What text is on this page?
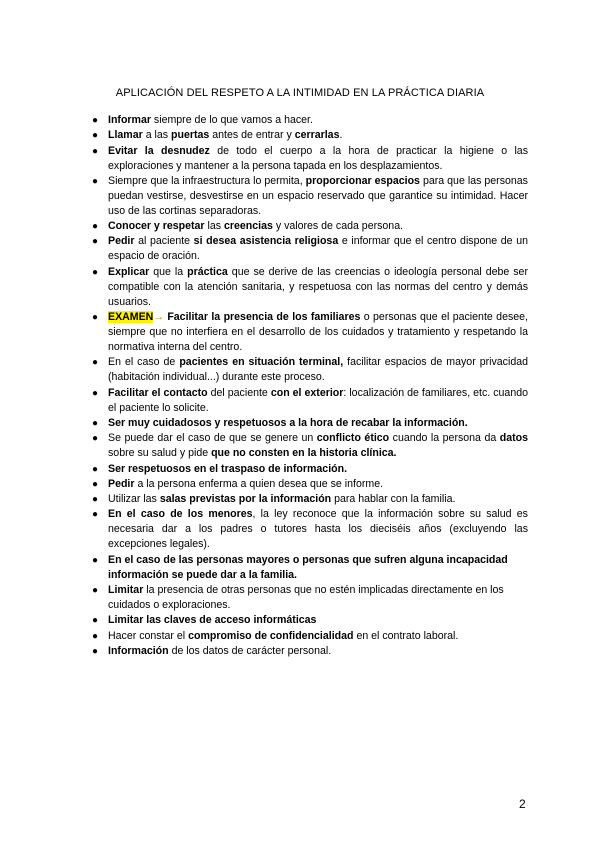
APLICACIÓN DEL RESPETO A LA INTIMIDAD EN LA PRÁCTICA DIARIA
● Informar siempre de lo que vamos a hacer.
● Llamar a las puertas antes de entrar y cerrarlas.
● Evitar la desnudez de todo el cuerpo a la hora de practicar la higiene o las exploraciones y mantener a la persona tapada en los desplazamientos.
● Siempre que la infraestructura lo permita, proporcionar espacios para que las personas puedan vestirse, desvestirse en un espacio reservado que garantice su intimidad. Hacer uso de las cortinas separadoras.
● Conocer y respetar las creencias y valores de cada persona.
● Pedir al paciente si desea asistencia religiosa e informar que el centro dispone de un espacio de oración.
● Explicar que la práctica que se derive de las creencias o ideología personal debe ser compatible con la atención sanitaria, y respetuosa con las normas del centro y demás usuarios.
● EXAMEN→ Facilitar la presencia de los familiares o personas que el paciente desee, siempre que no interfiera en el desarrollo de los cuidados y tratamiento y respetando la normativa interna del centro.
● En el caso de pacientes en situación terminal, facilitar espacios de mayor privacidad (habitación individual...) durante este proceso.
● Facilitar el contacto del paciente con el exterior: localización de familiares, etc. cuando el paciente lo solicite.
● Ser muy cuidadosos y respetuosos a la hora de recabar la información.
● Se puede dar el caso de que se genere un conflicto ético cuando la persona da datos sobre su salud y pide que no consten en la historia clínica.
● Ser respetuosos en el traspaso de información.
● Pedir a la persona enferma a quien desea que se informe.
● Utilizar las salas previstas por la información para hablar con la familia.
● En el caso de los menores, la ley reconoce que la información sobre su salud es necesaria dar a los padres o tutores hasta los dieciséis años (excluyendo las excepciones legales).
● En el caso de las personas mayores o personas que sufren alguna incapacidad información se puede dar a la familia.
● Limitar la presencia de otras personas que no estén implicadas directamente en los cuidados o exploraciones.
● Limitar las claves de acceso informáticas
● Hacer constar el compromiso de confidencialidad en el contrato laboral.
● Información de los datos de carácter personal.
2
